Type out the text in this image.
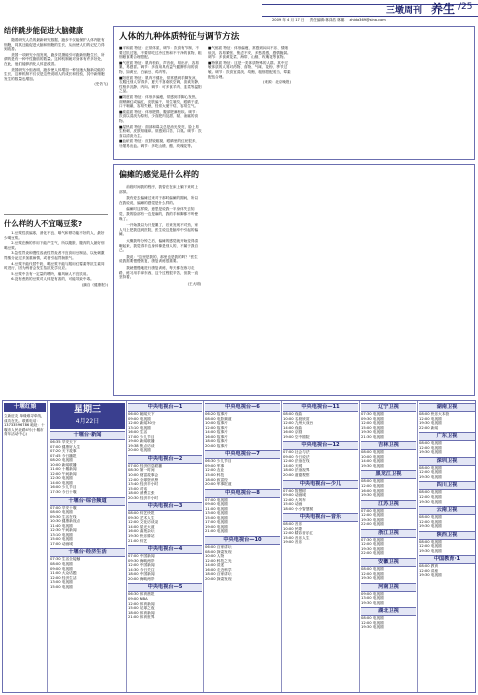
三墩周刊 养生 /25
2009 年 4 月 17 日 责任编辑:林泽浩 林娜 zhida369@sina.com
结伴跳步能促进大脑健康

随着研究人员的最新研究数据，跑步不仅能保护人体内脏有细胞，同其还能促进大脑和细胞的生长，从而使人们的记忆力得到改善。

美国一项研究小组发现，跑步员摄能引可跑新细胞生长，所谓的是有一种中性脂肪的数量。这种机制就对身体有许多好处，在此，他们能够消化人体更改善。

美国研究小组表明，跑步使人体增加一种加速大脑新功能的生长，这种机制不仅仅是这些说明人的成长和经验，其中新细胞发生的数量也增加。

(史仍飞)

什么样的人不宜喝豆浆?

1.豆浆性质偏寒，消化不良、嗝气和肾功能不好的人，最好少喝豆浆。

2.豆浆在酶的作用下能产生气，所以腹胀、腹泻的人最好别喝豆浆。

3.急性胃炎和慢性浅表性胃炎者不宜食用豆制品，以免刺激胃酸分泌过多加重病情，或者引起胃肠胀气。

4.豆浆不能代替牛奶，喝豆浆不能与服用红霉素等抗生素同时进行，因为两者会发生拮抗化学反应。

5.豆浆中含有一定量的嘌呤，痛风病人不宜饮用。

6.没有煮熟的豆浆对人体是有害的，可能导致中毒。

(摘自《健康报》)

人体的九种体质特征与调节方法

■平和质 特征：正常体质，调节：饮食有节制，不要过饥过饱，不要常吃过冷过热和不干净的食物，粗细粮食要合理搭配。

■气虚质 特征：肌肉松软，声音低，易出汗，容易累，易感冒。调节：多食用具有益气健脾作用的食物，如黄豆、白扁豆、鸡肉等。

■阳虚质 特征：肌肉不健壮，常常感到手脚发凉，衣服比别人穿得多，夏天不喜欢吹空调，喜欢安静，性格多沉静、内向。调节：可多食羊肉、韭菜等温阳之品。

■阴虚质 特征：体形多偏瘦，常感到手脚心发热，面颊潮红或偏红，皮肤偏干，易生皱纹，眼睛干涩，口干咽燥，容易失眠，经常大便干结，容易生气。

■痰湿质 特征：体形肥胖，腹部肥满松软。调节：饮食以清淡为原则，少食肥肉及甜、黏、油腻的食物。

■湿热质 特征：面部和鼻尖总是油光发亮，脸上易生粉刺，皮肤易瘙痒。常感到口苦、口臭。调节：饮食以清淡为主。

■血瘀质 特征：皮肤较粗糙，眼睛里的红丝很多，牙龈易出血。调节：多吃山楂、醋、玫瑰花等。

■气郁质 特征：体形偏瘦，常感到闷闷不乐、情绪低沉，容易紧张、焦虑不安，多愁善感，感情脆弱。调节：多食黄花菜、海带、山楂、玫瑰花等食物。

■特禀质 特征：这是一类体质特殊的人群。其中过敏体质的人易对药物、食物、气味、花粉、季节过敏。调节：饮食宜清淡、均衡，粗细搭配适当，荤素配伍合理。

(来源：北京晚报)

偏瘫的感觉是什么样的

前段时间我的程序，我曾在在床上躺下来时上部掉。

我有爱去偏瘫过来对于那时偏瘫的期间，所以在我说说，偏瘫的感觉是什么样的。

偏瘫时这样做，意思是说我一半身体失去知觉，我的脸部有一边是麻的，我的手和脚都不听使唤了。

一开始我以为只是累了，后来发现不对劲，家人马上把我送到医院，医生说这是脑卒中引起的偏瘫。

大概我每分钟之后，偏瘫的感觉就开始变得清晰起来，我觉得半边身体像是别人的，不属于我自己。

我说："这里是我的，那里也是我的吗？"医生说我需要慢慢恢复，康复训练很重要。

我就慢慢地进行康复训练，每天都在练习走路，练习用手拿东西，这个过程很辛苦，但我一直坚持着。

(王大明)

十堰红娘
立新征友 单缘难寻牵线，成功在先。联系电话：13733596786 地址：十堰市人民北路4号(十堰市青年活动中心)
星期三
4月22日
十堰台·新闻
06:35 早安天下
07:00 健康好人生
07:20 天下故事
07:45 今日播报
08:20 电视剧
10:00 新闻联播
11:00 十堰新闻
12:00 午间新闻
12:30 电视剧
14:00 电视剧
16:00 少儿节目
17:30 今日十堰
十堰台·综合频道
07:00 早安十堰
08:00 电视剧
09:30 生活在线
10:30 健康新视点
11:40 电视剧
12:30 午间新闻
13:10 电视剧
15:00 电视剧
17:00 动画城
十堰台·经济生活
07:30 生活全接触
08:00 电视剧
09:00 电视剧
11:00 大众话题
12:00 经济生活
13:00 电视剧
15:00 电视剧
中央电视台—1
06:00 朝闻天下
09:00 电视剧
12:00 新闻30分
13:10 电视剧
16:00 生活
17:00 少儿节目
19:00 新闻联播
19:38 焦点访谈
20:00 电视剧
中央电视台—2
07:00 经济信息联播
08:30 第一时间
10:00 财富故事会
12:00 全球资讯榜
13:40 经济半小时
15:00 对话
18:00 消费主张
20:30 经济半小时
中央电视台—3
08:00 综艺快报
09:30 艺术人生
12:00 文化访谈录
14:00 星光大道
16:00 曲苑杂坛
19:30 快乐驿站
21:00 综艺
中央电视台—4
07:00 中国新闻
09:30 海峡两岸
12:00 中国新闻
14:30 今日关注
18:00 中国新闻
20:00 海峡两岸
中央电视台—5
06:30 体育晨报
09:00 NBA
12:00 体育新闻
15:00 足球之夜
18:00 体育新闻
21:00 体育世界
中央电视台—6
06:20 故事片
08:00 电影频道
10:00 故事片
12:00 故事片
14:00 故事片
16:00 故事片
18:00 故事片
20:00 故事片
中央电视台—7
06:30 少儿节目
09:00 军事
12:00 农业
15:00 科技
18:00 致富经
20:00 军事报道
中央电视台—8
07:00 电视剧
09:00 电视剧
11:00 电视剧
13:00 电视剧
15:00 电视剧
17:00 电视剧
19:00 电视剧
21:00 电视剧
中央电视台—10
06:00 百家讲坛
08:00 探索发现
10:00 人物
12:00 科技之光
14:00 讲述
16:00 走近科学
18:00 百家讲坛
20:00 探索发现
中央电视台—11
08:00 戏曲
10:00 名段欣赏
12:00 九州大戏台
14:00 戏曲
16:00 京剧
19:00 空中剧院
中央电视台—12
07:00 社会与法
09:00 今日说法
12:00 法治在线
14:00 天网
18:00 法治视界
20:00 道德观察
中央电视台—少儿
07:00 智慧树
09:00 动画城
12:00 大风车
15:00 动画
18:00 小小智慧树
中央电视台—音乐
08:00 音乐
10:00 民歌
12:00 精彩音乐汇
15:00 音乐人生
19:00 音乐
辽宁卫视
07:30 电视剧
09:30 电视剧
12:00 电视剧
15:00 电视剧
19:30 电视剧
21:30 电视剧
吉林卫视
08:00 电视剧
10:00 电视剧
14:00 电视剧
19:30 电视剧
黑龙江卫视
08:00 电视剧
12:00 电视剧
16:00 电视剧
19:30 电视剧
江苏卫视
07:00 电视剧
12:00 电视剧
19:30 电视剧
22:00 电视剧
浙江卫视
07:30 电视剧
12:00 电视剧
19:30 电视剧
22:00 电视剧
安徽卫视
08:00 电视剧
12:00 电视剧
19:30 电视剧
河南卫视
09:00 电视剧
13:00 电视剧
19:30 电视剧
湖北卫视
08:00 电视剧
12:00 电视剧
19:30 电视剧
湖南卫视
08:00 快乐大本营
12:00 电视剧
19:30 电视剧
22:00 新闻
广东卫视
08:00 电视剧
12:00 电视剧
19:30 电视剧
深圳卫视
08:00 电视剧
12:00 电视剧
19:30 电视剧
四川卫视
08:00 电视剧
12:00 电视剧
19:30 电视剧
云南卫视
08:00 电视剧
12:00 电视剧
19:30 电视剧
陕西卫视
08:00 电视剧
12:00 电视剧
19:30 电视剧
中国教育·1
08:00 教育
12:00 讲座
19:30 电视剧
